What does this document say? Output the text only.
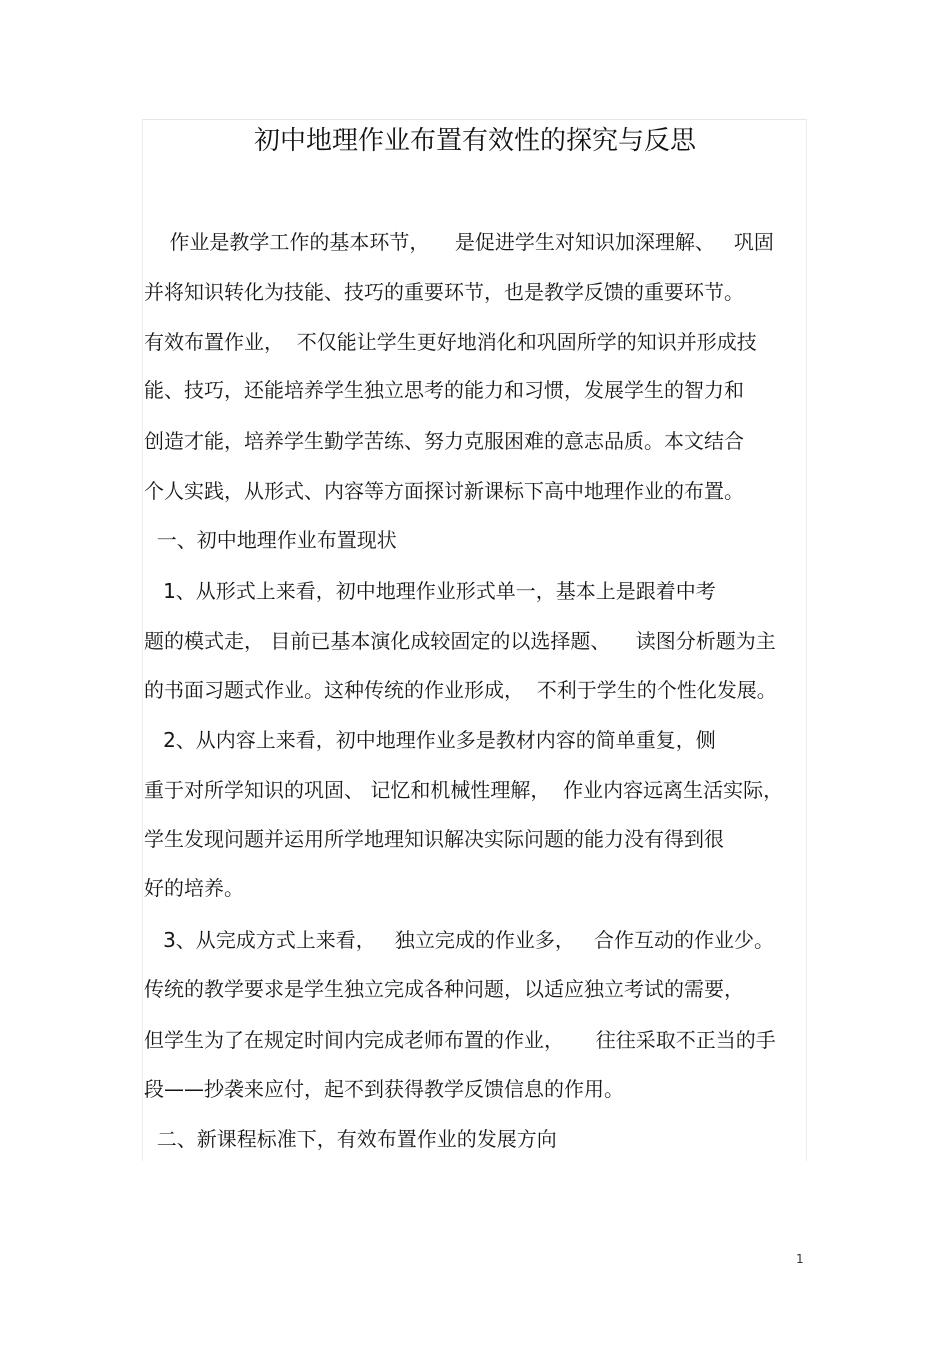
初中地理作业布置有效性的探究与反思
作业是教学工作的基本环节，    是促进学生对知识加深理解、   巩固
并将知识转化为技能、技巧的重要环节，也是教学反馈的重要环节。
有效布置作业，  不仅能让学生更好地消化和巩固所学的知识并形成技
能、技巧，还能培养学生独立思考的能力和习惯，发展学生的智力和
创造才能，培养学生勤学苦练、努力克服困难的意志品质。本文结合
个人实践，从形式、内容等方面探讨新课标下高中地理作业的布置。
一、初中地理作业布置现状
1、从形式上来看，初中地理作业形式单一，基本上是跟着中考
题的模式走， 目前已基本演化成较固定的以选择题、    读图分析题为主
的书面习题式作业。这种传统的作业形成，  不利于学生的个性化发展。
2、从内容上来看，初中地理作业多是教材内容的简单重复，侧
重于对所学知识的巩固、 记忆和机械性理解，  作业内容远离生活实际，
学生发现问题并运用所学地理知识解决实际问题的能力没有得到很
好的培养。
3、从完成方式上来看，   独立完成的作业多，   合作互动的作业少。
传统的教学要求是学生独立完成各种问题，以适应独立考试的需要，
但学生为了在规定时间内完成老师布置的作业，     往往采取不正当的手
段——抄袭来应付，起不到获得教学反馈信息的作用。
二、新课程标准下，有效布置作业的发展方向
1
